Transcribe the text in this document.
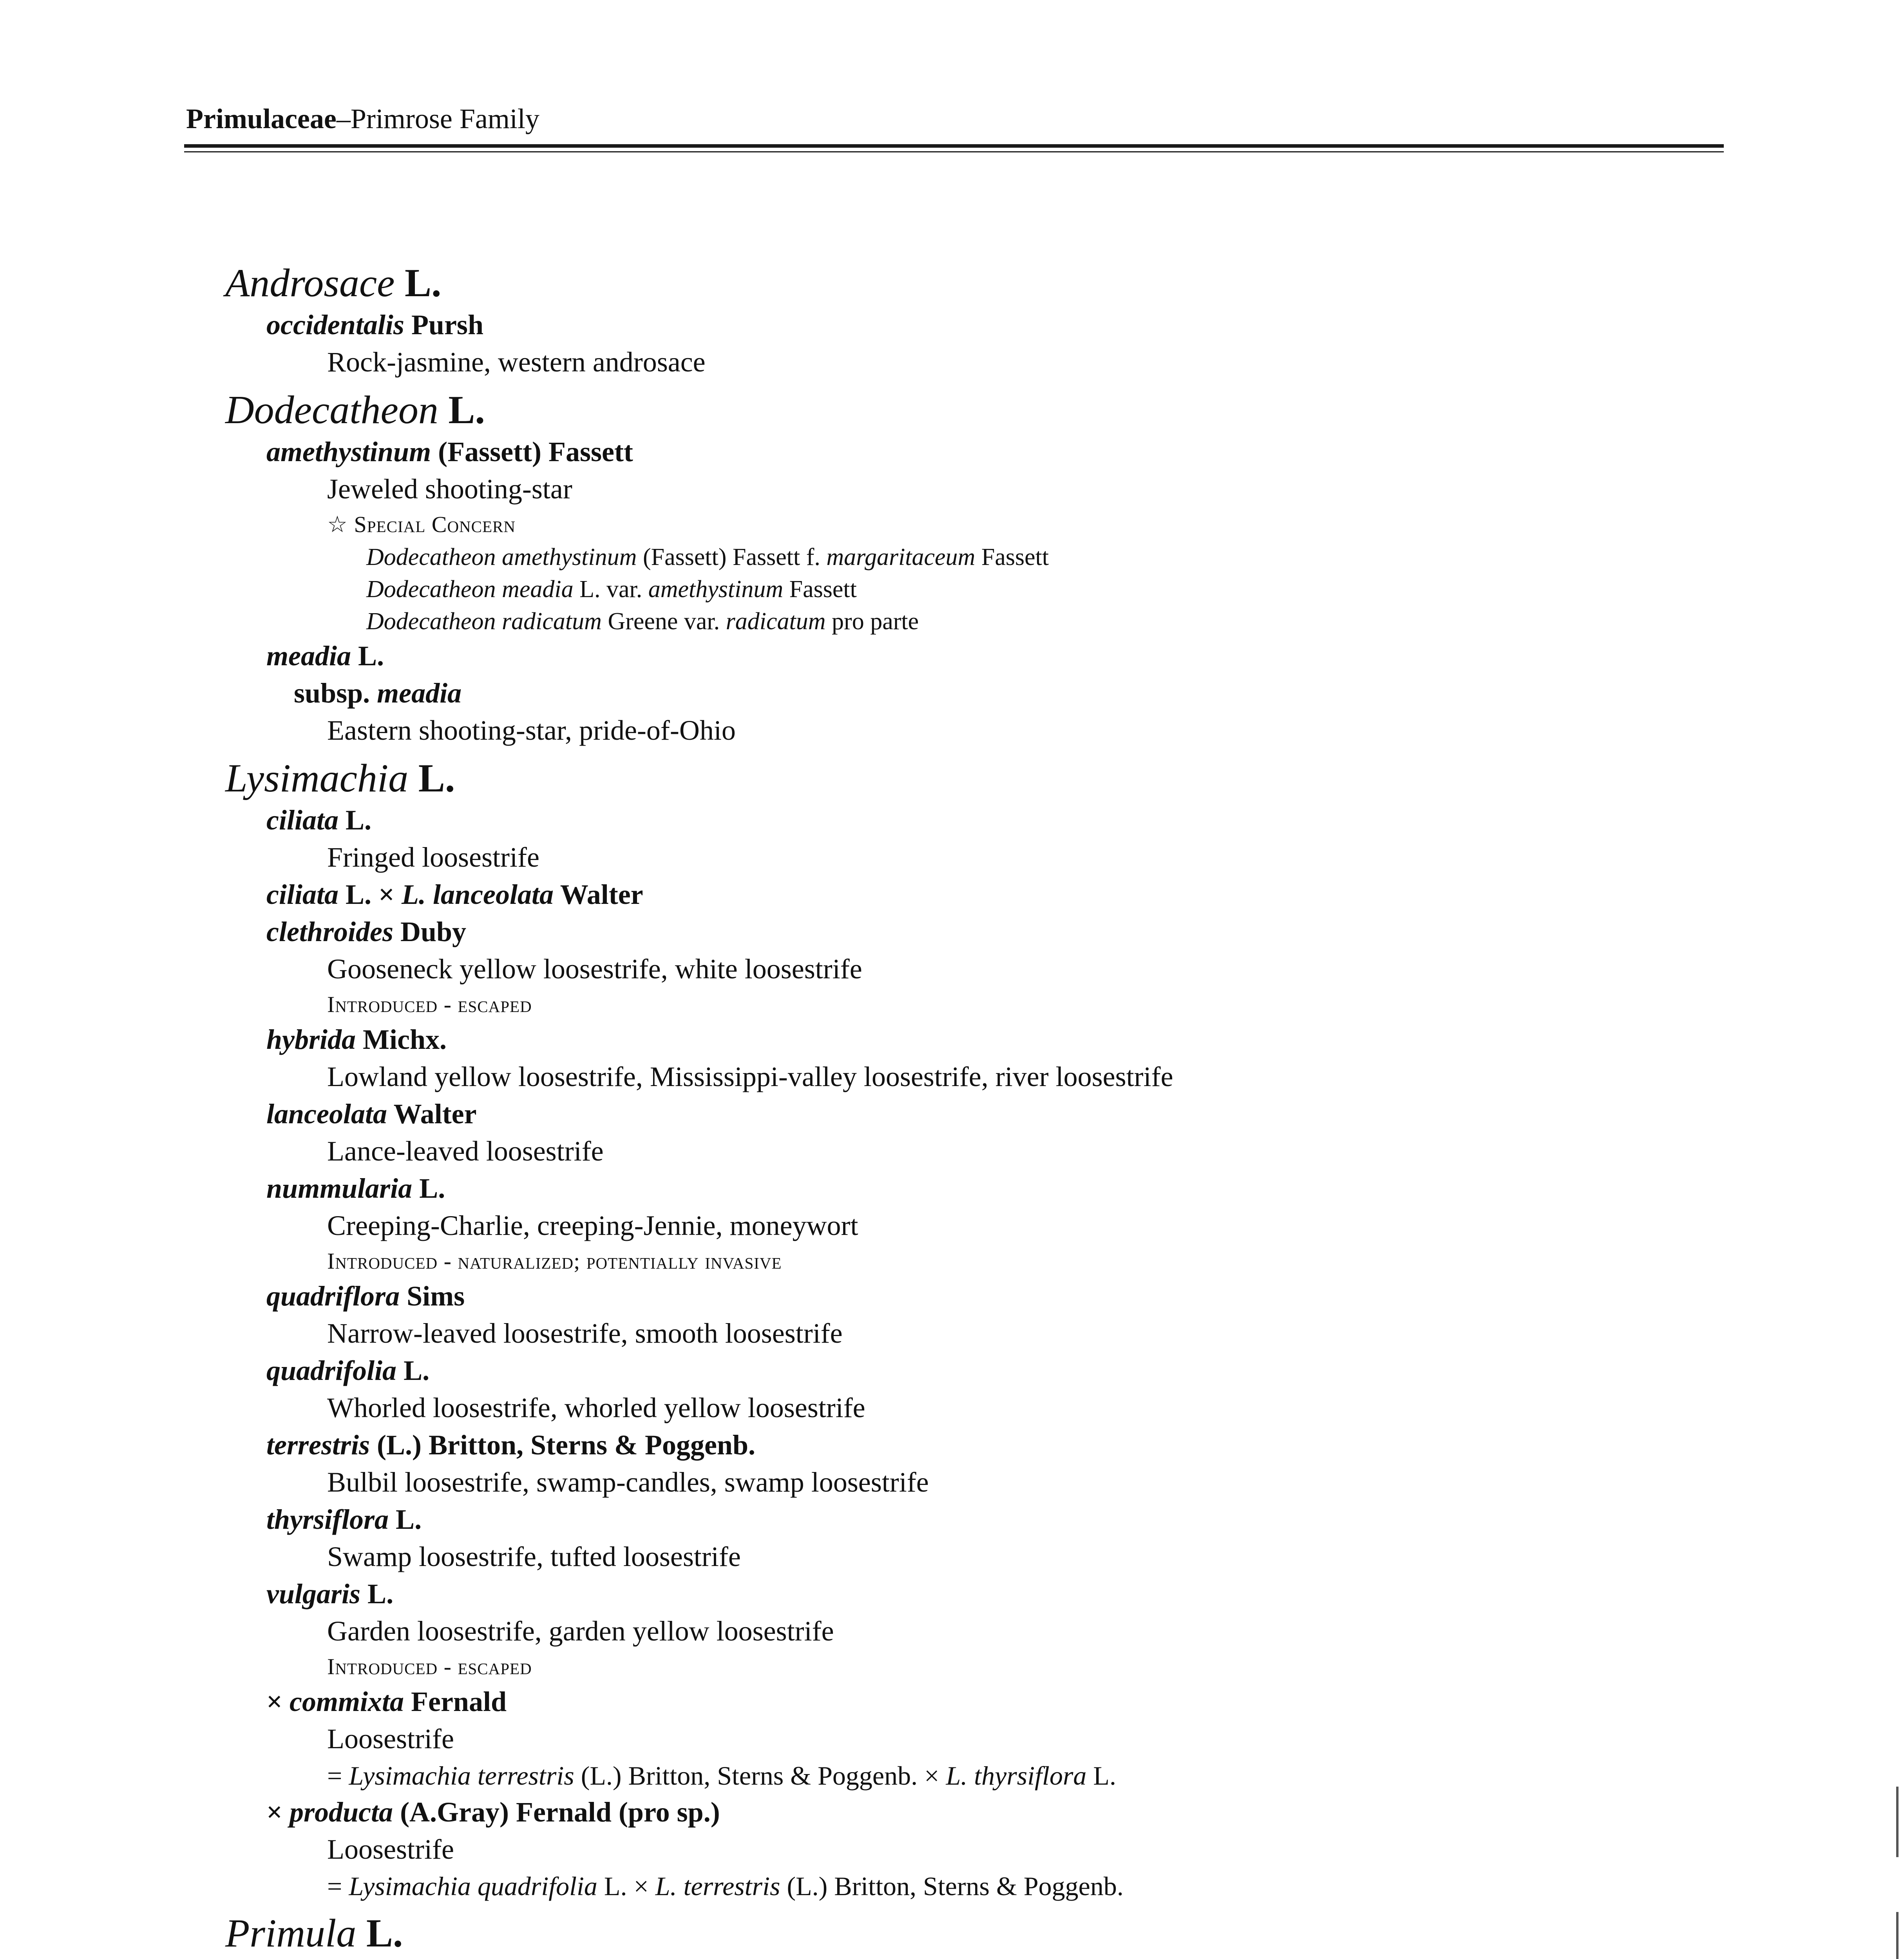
Primulaceae–Primrose Family
Androsace L.
occidentalis Pursh
Rock-jasmine, western androsace
Dodecatheon L.
amethystinum (Fassett) Fassett
Jeweled shooting-star
☆ Special Concern
Dodecatheon amethystinum (Fassett) Fassett f. margaritaceum Fassett
Dodecatheon meadia L. var. amethystinum Fassett
Dodecatheon radicatum Greene var. radicatum pro parte
meadia L.
subsp. meadia
Eastern shooting-star, pride-of-Ohio
Lysimachia L.
ciliata L.
Fringed loosestrife
ciliata L. × L. lanceolata Walter
clethroides Duby
Gooseneck yellow loosestrife, white loosestrife
Introduced - escaped
hybrida Michx.
Lowland yellow loosestrife, Mississippi-valley loosestrife, river loosestrife
lanceolata Walter
Lance-leaved loosestrife
nummularia L.
Creeping-Charlie, creeping-Jennie, moneywort
Introduced - naturalized; potentially invasive
quadriflora Sims
Narrow-leaved loosestrife, smooth loosestrife
quadrifolia L.
Whorled loosestrife, whorled yellow loosestrife
terrestris (L.) Britton, Sterns & Poggenb.
Bulbil loosestrife, swamp-candles, swamp loosestrife
thyrsiflora L.
Swamp loosestrife, tufted loosestrife
vulgaris L.
Garden loosestrife, garden yellow loosestrife
Introduced - escaped
× commixta Fernald
Loosestrife
= Lysimachia terrestris (L.) Britton, Sterns & Poggenb. × L. thyrsiflora L.
× producta (A.Gray) Fernald (pro sp.)
Loosestrife
= Lysimachia quadrifolia L. × L. terrestris (L.) Britton, Sterns & Poggenb.
Primula L.
